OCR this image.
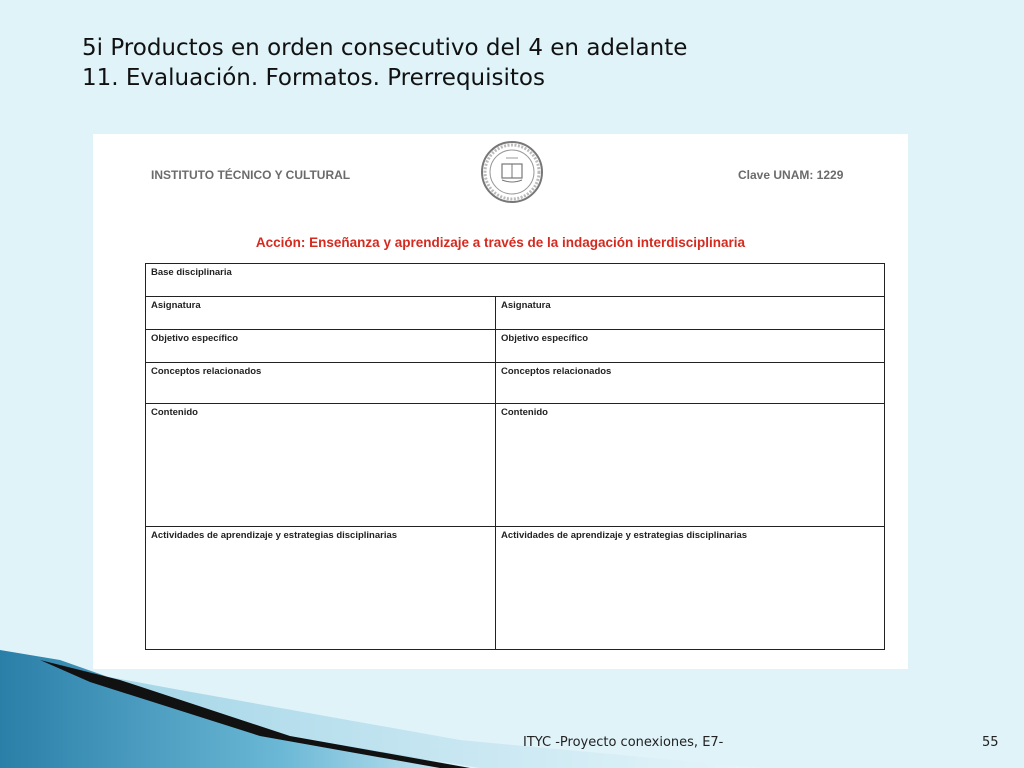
5i Productos en orden consecutivo del 4 en adelante
11. Evaluación. Formatos. Prerrequisitos
INSTITUTO TÉCNICO Y CULTURAL	Clave UNAM: 1229
Acción: Enseñanza y aprendizaje a través de la indagación interdisciplinaria
Base disciplinaria	
Asignatura	Asignatura
Objetivo específico	Objetivo específico
Conceptos relacionados	Conceptos relacionados
Contenido	Contenido
Actividades de aprendizaje y estrategias disciplinarias	Actividades de aprendizaje y estrategias disciplinarias
ITYC -Proyecto conexiones, E7-	55
